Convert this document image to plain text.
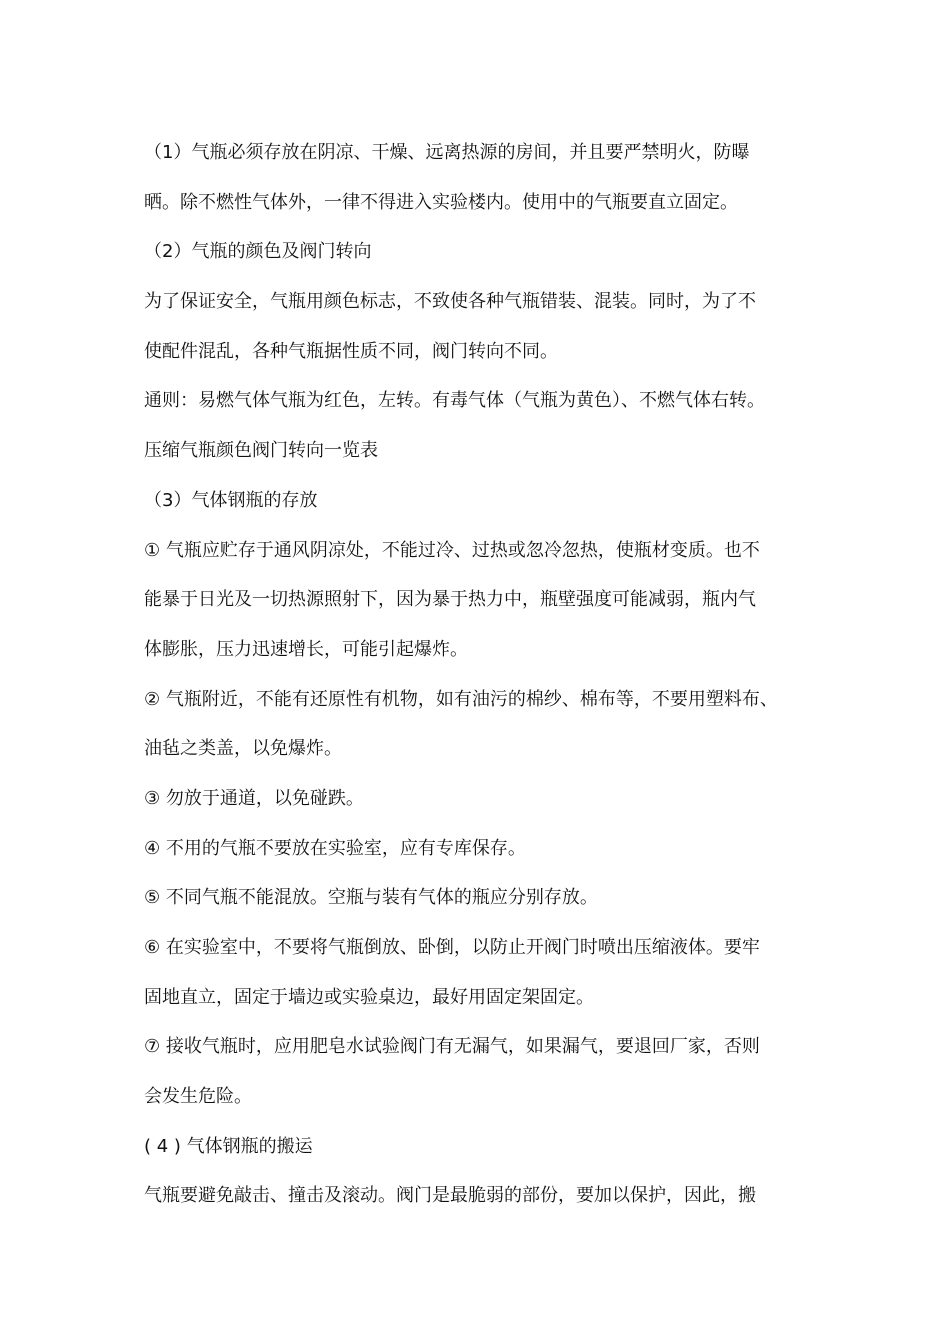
（1）气瓶必须存放在阴凉、干燥、远离热源的房间，并且要严禁明火，防曝
晒。除不燃性气体外，一律不得进入实验楼内。使用中的气瓶要直立固定。
（2）气瓶的颜色及阀门转向
为了保证安全，气瓶用颜色标志，不致使各种气瓶错装、混装。同时，为了不
使配件混乱，各种气瓶据性质不同，阀门转向不同。
通则：易燃气体气瓶为红色，左转。有毒气体（气瓶为黄色）、不燃气体右转。
压缩气瓶颜色阀门转向一览表
（3）气体钢瓶的存放
① 气瓶应贮存于通风阴凉处，不能过冷、过热或忽冷忽热，使瓶材变质。也不
能暴于日光及一切热源照射下，因为暴于热力中，瓶壁强度可能减弱，瓶内气
体膨胀，压力迅速增长，可能引起爆炸。
② 气瓶附近，不能有还原性有机物，如有油污的棉纱、棉布等，不要用塑料布、
油毡之类盖，以免爆炸。
③ 勿放于通道，以免碰跌。
④ 不用的气瓶不要放在实验室，应有专库保存。
⑤ 不同气瓶不能混放。空瓶与装有气体的瓶应分别存放。
⑥ 在实验室中，不要将气瓶倒放、卧倒，以防止开阀门时喷出压缩液体。要牢
固地直立，固定于墙边或实验桌边，最好用固定架固定。
⑦ 接收气瓶时，应用肥皂水试验阀门有无漏气，如果漏气，要退回厂家，否则
会发生危险。
( 4 ) 气体钢瓶的搬运
气瓶要避免敲击、撞击及滚动。阀门是最脆弱的部份，要加以保护，因此，搬
